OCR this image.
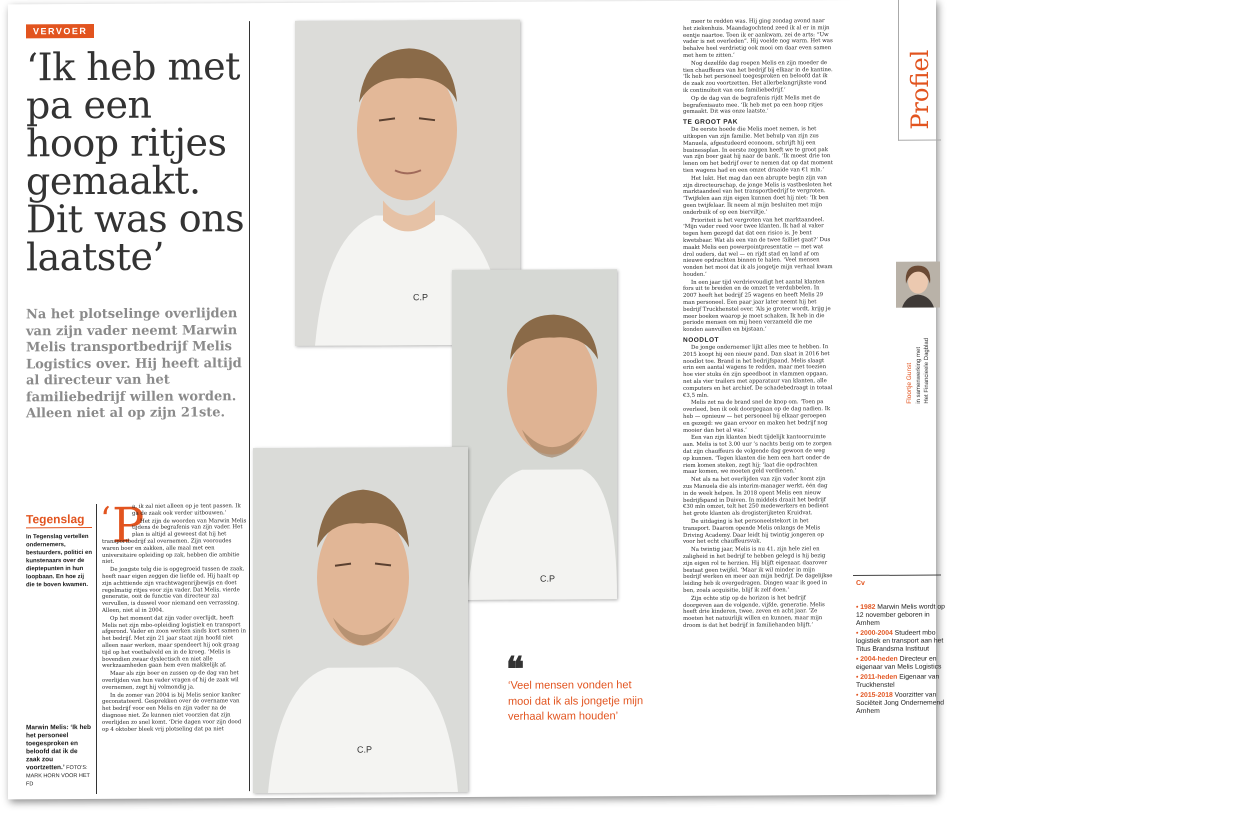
VERVOER
‘Ik heb met pa een hoop ritjes gemaakt. Dit was ons laatste’
Na het plotselinge overlijden van zijn vader neemt Marwin Melis transportbedrijf Melis Logistics over. Hij heeft altijd al directeur van het familiebedrijf willen worden. Alleen niet al op zijn 21ste.
Tegenslag
In Tegenslag vertellen ondernemers, bestuurders, politici en kunstenaars over de dieptepunten in hun loopbaan. En hoe zij die te boven kwamen.
Marwin Melis: ‘Ik heb het personeel toegesproken en beloofd dat ik de zaak zou voortzetten.’ FOTO'S: MARK HORN VOOR HET FD
‘ P

a, ik zal niet alleen op je tent passen. Ik ga de zaak ook verder uitbouwen.’

Het zijn de woorden van Marwin Melis tijdens de begrafenis van zijn vader. Het plan is altijd al geweest dat hij het transportbedrijf zal overnemen. Zijn vooroudes waren boer en zakken, alle maal met een universitaire opleiding op zak, hebben die ambitie niet.

De jongste telg die is opgegroeid tussen de zaak, heeft naar eigen zeggen die liefde ed. Hij haalt op zijn achttiende zijn vrachtwagenrijbewijs en doet regelmatig ritjes voor zijn vader. Dat Melis, vierde generatie, ooit de functie van directeur zal vervullen, is duswel voor niemand een verrassing. Alleen, niet al in 2004.

Op het moment dat zijn vader overlijdt, heeft Melis net zijn mbo-opleiding logistiek en transport afgerond. Vader en zoon werken sinds kort samen in het bedrijf. Met zijn 21 jaar staat zijn hoofd niet alleen naar werken, maar spendeert hij ook graag tijd op het voetbalveld en in de kroeg. ‘Melis is bovendien zwaar dyslectisch en niet alle werkzaamheden gaan hem even makkelijk af.

Maar als zijn boer en zussen op de dag van het overlijden van hun vader vragen of hij de zaak wil overnemen, zegt hij volmondig ja.

In de zomer van 2004 is bij Melis senior kanker geconstateerd. Gesprekken over de overname van het bedrijf voor een Melis en zijn vader na de diagnose niet. Ze kunnen niet voorzien dat zijn overlijden zo snel komt. ‘Drie dagen voor zijn dood op 4 oktober bleek vrij plotseling dat pa niet

C.P
C.P
C.P
❝
‘Veel mensen vonden het mooi dat ik als jongetje mijn verhaal kwam houden’

meer te redden was. Hij ging zondag avond naar het ziekenhuis. Maandagochtend zeed ik al er in mijn eentje naartoe. Toen ik er aankwam, zei de arts: “Uw vader is net overleden”. Hij voelde nog warm. Het was behalve heel verdrietig ook mooi om daar even samen met hem te zitten.’

Nog dezelfde dag roepen Melis en zijn moeder de tien chauffeurs van het bedrijf bij elkaar in de kantine. ‘Ik heb het personeel toegesproken en beloofd dat ik de zaak zou voortzetten. Het allerbelangrijkste vond ik continuïteit van ons familiebedrijf.’

Op de dag van de begrafenis rijdt Melis met de begrafenisauto mee. ‘Ik heb met pa een hoop ritjes gemaakt. Dit was onze laatste.’

TE GROOT PAK

De eerste hoede die Melis moet nemen, is het uitkopen van zijn familie. Met behulp van zijn zus Manuela, afgestudeerd econoom, schrijft hij een businessplan. In eerste zeggen heeft we te groot pak van zijn boer gaat hij naar de bank. ‘Ik moest drie ton lenen om het bedrijf over te nemen dat op dat moment tien wagens had en een omzet draaide van €1 mln.’

Het lukt. Het mag dan een abrupte begin zijn van zijn directeurschap, de jonge Melis is vastbesloten het marktaandeel van het transportbedrijf te vergroten. ‘Twijfelen aan zijn eigen kunnen doet hij niet: ‘Ik ben geen twijfelaar. Ik neem al mijn besluiten met mijn onderbuik of op een bierviltje.’

Prioriteit is het vergroten van het marktaandeel. ‘Mijn vader reed voor twee klanten. Ik had al vaker tegen hem gezegd dat dat een risico is. Je bent kwetsbaar. Wat als een van de twee failliet gaat?’ Dus maakt Melis een powerpointpresentatie — met wat drol ouders, dat wel — en rijdt stad en land af om nieuwe opdrachten binnen te halen. ‘Veel mensen vonden het mooi dat ik als jongetje mijn verhaal kwam houden.’

In een jaar tijd verdrievoudigt het aantal klanten fors uit te breiden en de omzet te verdubbelen. In 2007 heeft het bedrijf 25 wagens en heeft Melis 29 man personeel. Een paar jaar later neemt hij het bedrijf Truckhenstel over. ‘Als je groter wordt, krijg je meer boeken waarop je moet schaken. Ik heb in die periode mensen om mij heen verzameld die me konden aanvullen en bijstaan.’

NOODLOT

De jonge ondernemer lijkt alles mee te hebben. In 2015 koopt hij een nieuw pand. Dan slaat in 2016 het noodlot toe. Brand in het bedrijfspand. Melis slaagt erin een aantal wagens te redden, maar met toezien hoe vier stuks én zijn speedboot in vlammen opgaan, net als vier trailers met apparatuur van klanten, alle computers en het archief. De schadebedraagt in totaal €3,5 mln.

Melis zet na de brand snel de knop om. ‘Toen pa overleed, ben ik ook doorgegaan op de dag nadien. Ik heb — opnieuw — het personeel bij elkaar geroepen en gezegd: we gaan ervoor en maken het bedrijf nog mooier dan het al was.’

Een van zijn klanten biedt tijdelijk kantoorruimte aan. Melis is tot 3.00 uur ’s nachts bezig om te zorgen dat zijn chauffeurs de volgende dag gewoon de weg op kunnen. ‘Tegen klanten die hem een hart onder de riem komen steken, zegt hij: ‘laat die opdrachten maar komen, we moeten geld verdienen.’

Net als na het overlijden van zijn vader komt zijn zus Manuela die als interim-manager werkt, één dag in de week helpen. In 2018 opent Melis een nieuw bedrijfspand in Duiven. In middels draait het bedrijf €30 mln omzet, telt het 250 medewerkers en bedient het grote klanten als drogisterijketen Kruidvat.

De uitdaging is het personeelstekort in het transport. Daarom opende Melis onlangs de Melis Driving Academy. Daar leidt hij twintig jongeren op voor het echt chauffeursvak.

Na twintig jaar, Melis is nu 41, zijn hele ziel en zaligheid in het bedrijf te hebben gelegd is hij bezig zijn eigen rol te herzien. Hij blijft eigenaar, daarover bestaat geen twijfel. ‘Maar ik wil minder in mijn bedrijf werken en meer aan mijn bedrijf. De dagelijkse leiding heb ik overgedragen. Dingen waar ik goed in ben, zoals acquisitie, blijf ik zelf doen.’

Zijn echte stip op de horizon is het bedrijf doorgeven aan de volgende, vijfde, generatie. Melis heeft drie kinderen, twee, zeven en acht jaar. ‘Ze moeten het natuurlijk willen en kunnen, maar mijn droom is dat het bedrijf in familiehanden blijft.’

Profiel
Floortje Gunst in samenwerking met Het Financieele Dagblad
Cv
• 1982 Marwin Melis wordt op 12 november geboren in Arnhem
• 2000-2004 Studeert mbo logistiek en transport aan het Titus Brandsma Instituut
• 2004-heden Directeur en eigenaar van Melis Logistics
• 2011-heden Eigenaar van Truckhenstel
• 2015-2018 Voorzitter van Sociëteit Jong Ondernemend Arnhem
